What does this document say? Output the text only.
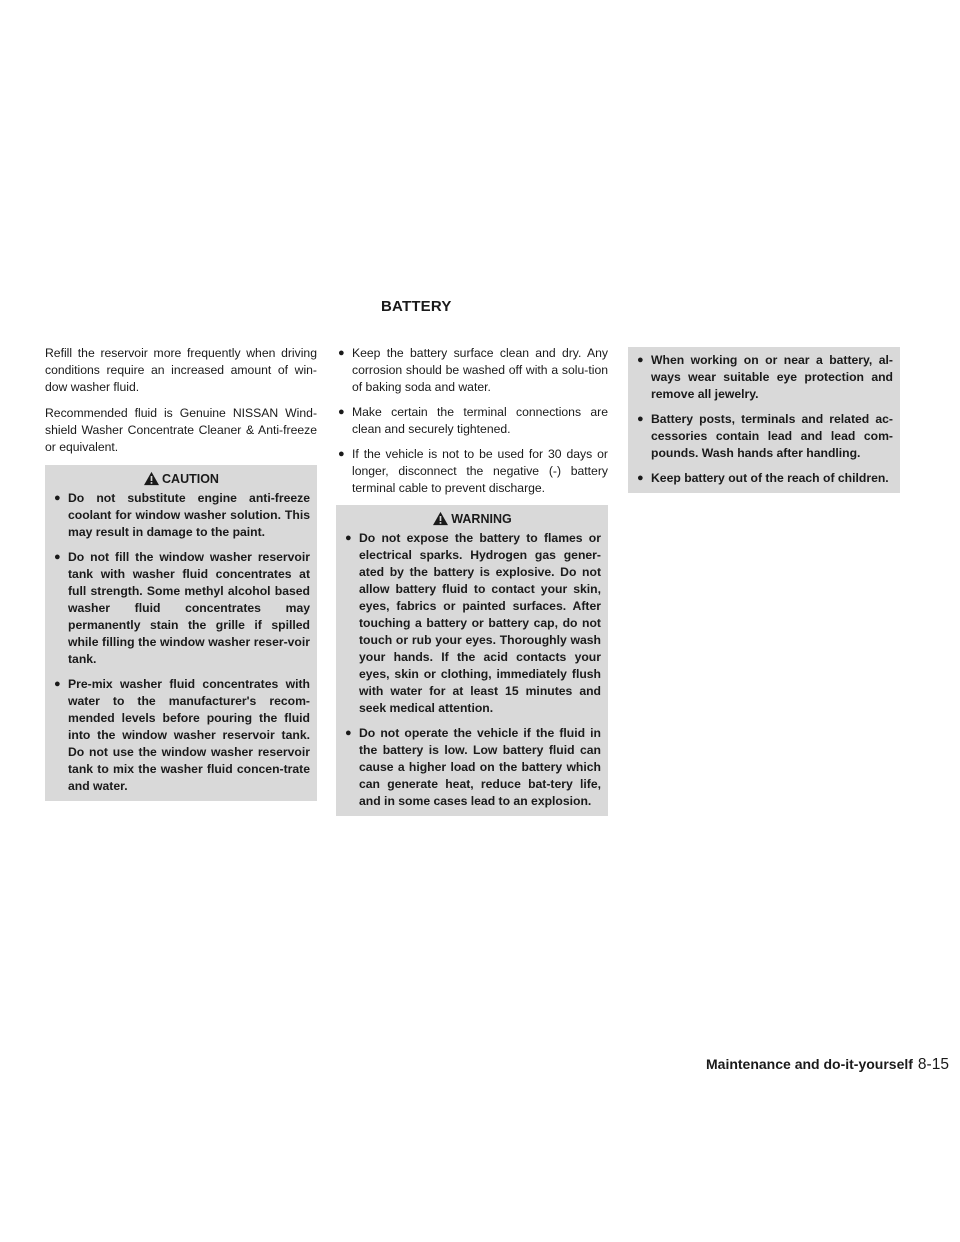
BATTERY

Refill the reservoir more frequently when driving conditions require an increased amount of win-dow washer fluid.

Recommended fluid is Genuine NISSAN Wind-shield Washer Concentrate Cleaner & Anti-freeze or equivalent.

CAUTION
● Do not substitute engine anti-freeze coolant for window washer solution. This may result in damage to the paint.
● Do not fill the window washer reservoir tank with washer fluid concentrates at full strength. Some methyl alcohol based washer fluid concentrates may permanently stain the grille if spilled while filling the window washer reser-voir tank.
● Pre-mix washer fluid concentrates with water to the manufacturer's recom-mended levels before pouring the fluid into the window washer reservoir tank. Do not use the window washer reservoir tank to mix the washer fluid concen-trate and water.
● Keep the battery surface clean and dry. Any corrosion should be washed off with a solu-tion of baking soda and water.
● Make certain the terminal connections are clean and securely tightened.
● If the vehicle is not to be used for 30 days or longer, disconnect the negative (-) battery terminal cable to prevent discharge.
WARNING
● Do not expose the battery to flames or electrical sparks. Hydrogen gas gener-ated by the battery is explosive. Do not allow battery fluid to contact your skin, eyes, fabrics or painted surfaces. After touching a battery or battery cap, do not touch or rub your eyes. Thoroughly wash your hands. If the acid contacts your eyes, skin or clothing, immediately flush with water for at least 15 minutes and seek medical attention.
● Do not operate the vehicle if the fluid in the battery is low. Low battery fluid can cause a higher load on the battery which can generate heat, reduce bat-tery life, and in some cases lead to an explosion.
● When working on or near a battery, al-ways wear suitable eye protection and remove all jewelry.
● Battery posts, terminals and related ac-cessories contain lead and lead com-pounds. Wash hands after handling.
● Keep battery out of the reach of children.
Maintenance and do-it-yourself 8-15
